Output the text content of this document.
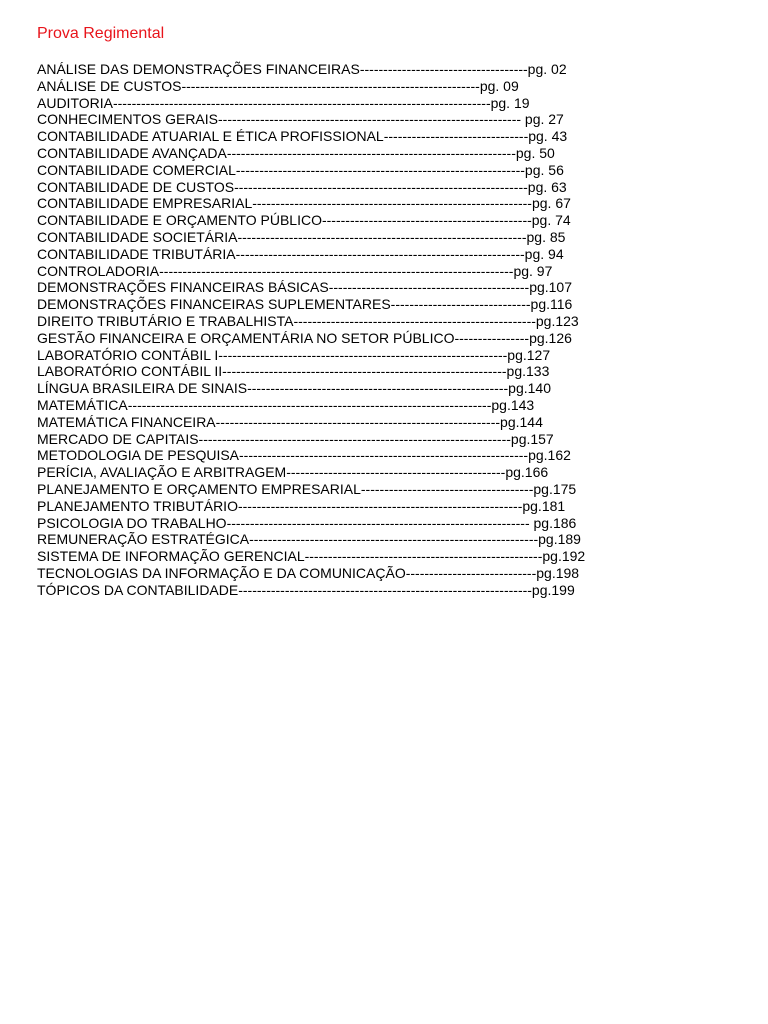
Prova Regimental
ANÁLISE DAS DEMONSTRAÇÕES FINANCEIRAS------------------------------------pg. 02
ANÁLISE DE CUSTOS----------------------------------------------------------------pg. 09
AUDITORIA---------------------------------------------------------------------------------pg. 19
CONHECIMENTOS GERAIS----------------------------------------------------------------- pg. 27
CONTABILIDADE ATUARIAL E ÉTICA PROFISSIONAL-------------------------------pg. 43
CONTABILIDADE AVANÇADA--------------------------------------------------------------pg. 50
CONTABILIDADE COMERCIAL--------------------------------------------------------------pg. 56
CONTABILIDADE DE CUSTOS---------------------------------------------------------------pg. 63
CONTABILIDADE EMPRESARIAL------------------------------------------------------------pg. 67
CONTABILIDADE E ORÇAMENTO PÚBLICO---------------------------------------------pg. 74
CONTABILIDADE SOCIETÁRIA--------------------------------------------------------------pg. 85
CONTABILIDADE TRIBUTÁRIA--------------------------------------------------------------pg. 94
CONTROLADORIA----------------------------------------------------------------------------pg. 97
DEMONSTRAÇÕES FINANCEIRAS BÁSICAS-------------------------------------------pg.107
DEMONSTRAÇÕES FINANCEIRAS SUPLEMENTARES------------------------------pg.116
DIREITO TRIBUTÁRIO E TRABALHISTA----------------------------------------------------pg.123
GESTÃO FINANCEIRA E ORÇAMENTÁRIA NO SETOR PÚBLICO----------------pg.126
LABORATÓRIO CONTÁBIL I--------------------------------------------------------------pg.127
LABORATÓRIO CONTÁBIL II-------------------------------------------------------------pg.133
LÍNGUA BRASILEIRA DE SINAIS--------------------------------------------------------pg.140
MATEMÁTICA------------------------------------------------------------------------------pg.143
MATEMÁTICA FINANCEIRA-------------------------------------------------------------pg.144
MERCADO DE CAPITAIS-------------------------------------------------------------------pg.157
METODOLOGIA DE PESQUISA--------------------------------------------------------------pg.162
PERÍCIA, AVALIAÇÃO E ARBITRAGEM-----------------------------------------------pg.166
PLANEJAMENTO E ORÇAMENTO EMPRESARIAL-------------------------------------pg.175
PLANEJAMENTO TRIBUTÁRIO-------------------------------------------------------------pg.181
PSICOLOGIA DO TRABALHO----------------------------------------------------------------- pg.186
REMUNERAÇÃO ESTRATÉGICA--------------------------------------------------------------pg.189
SISTEMA DE INFORMAÇÃO GERENCIAL---------------------------------------------------pg.192
TECNOLOGIAS DA INFORMAÇÃO E DA COMUNICAÇÃO----------------------------pg.198
TÓPICOS DA CONTABILIDADE---------------------------------------------------------------pg.199
